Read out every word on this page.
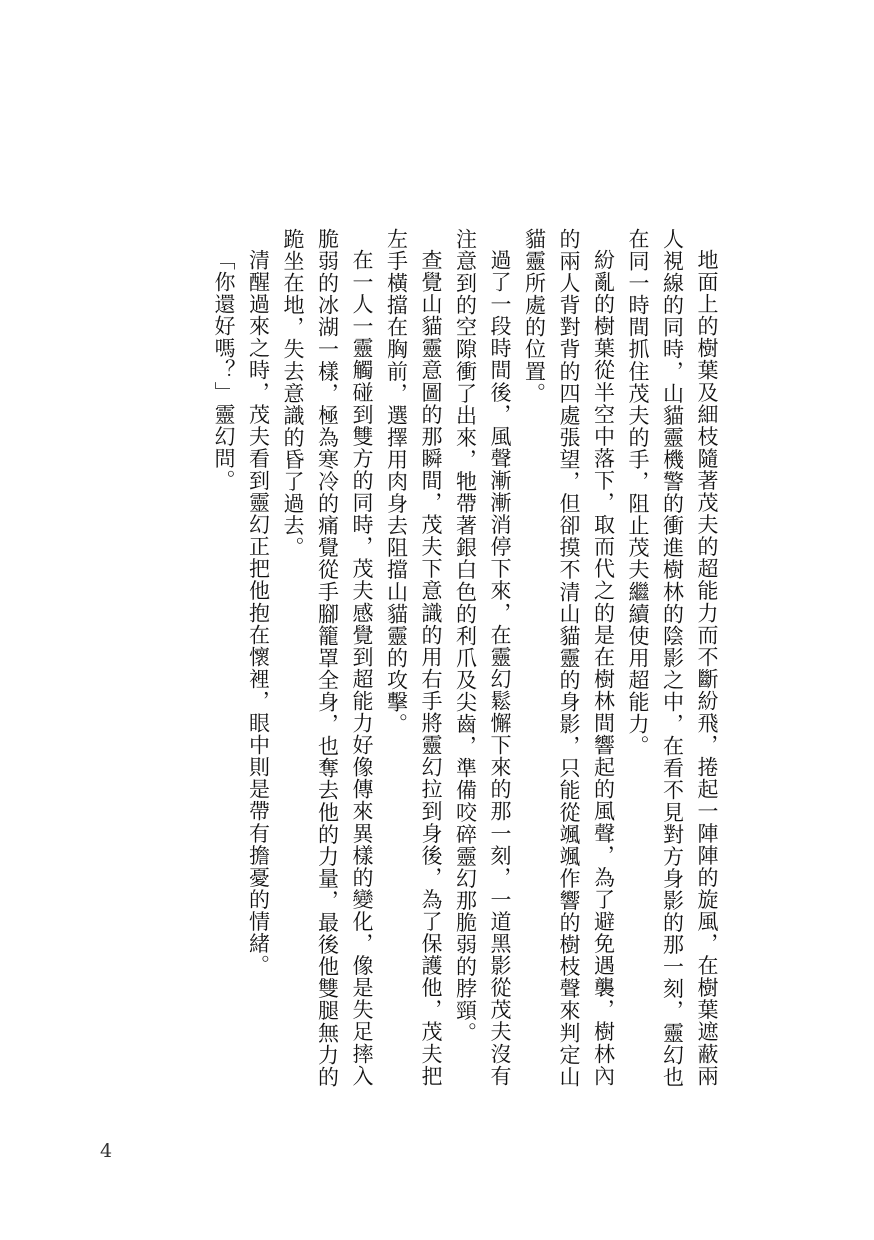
地面上的樹葉及細枝隨著茂夫的超能力而不斷紛飛，捲起一陣陣的旋風，在樹葉遮蔽兩人視線的同時，山貓靈機警的衝進樹林的陰影之中，在看不見對方身影的那一刻，靈幻也在同一時間抓住茂夫的手，阻止茂夫繼續使用超能力。

紛亂的樹葉從半空中落下，取而代之的是在樹林間響起的風聲，為了避免遇襲，樹林內的兩人背對背的四處張望，但卻摸不清山貓靈的身影，只能從颯颯作響的樹枝聲來判定山貓靈所處的位置。

過了一段時間後，風聲漸漸消停下來，在靈幻鬆懈下來的那一刻，一道黑影從茂夫沒有注意到的空隙衝了出來，牠帶著銀白色的利爪及尖齒，準備咬碎靈幻那脆弱的脖頸。

查覺山貓靈意圖的那瞬間，茂夫下意識的用右手將靈幻拉到身後，為了保護他，茂夫把左手橫擋在胸前，選擇用肉身去阻擋山貓靈的攻擊。

在一人一靈觸碰到雙方的同時，茂夫感覺到超能力好像傳來異樣的變化，像是失足摔入脆弱的冰湖一樣，極為寒冷的痛覺從手腳籠罩全身，也奪去他的力量，最後他雙腿無力的跪坐在地，失去意識的昏了過去。

清醒過來之時，茂夫看到靈幻正把他抱在懷裡，眼中則是帶有擔憂的情緒。

「你還好嗎？」靈幻問。

4
